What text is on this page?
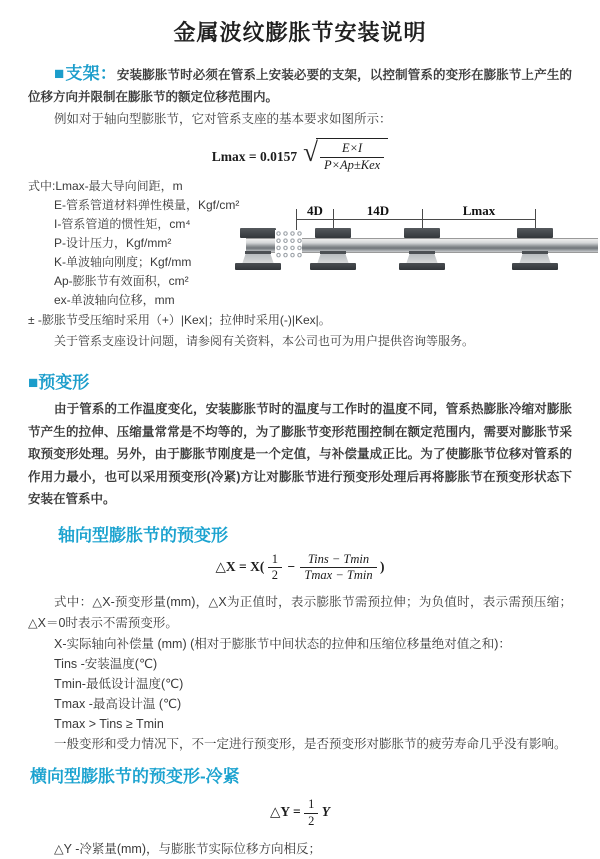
金属波纹膨胀节安装说明

■支架：安装膨胀节时必须在管系上安装必要的支架，以控制管系的变形在膨胀节上产生的位移方向并限制在膨胀节的额定位移范围内。

例如对于轴向型膨胀节，它对管系支座的基本要求如图所示：

Lmax = 0.0157 √ $\frac{E\times I}{\text{P×Ap±Kex}}$
式中:Lmax-最大导向间距，m
E-管系管道材料弹性模量，Kgf/cm²
I-管系管道的惯性矩，cm⁴
P-设计压力，Kgf/mm²
K-单波轴向刚度；Kgf/mm
Ap-膨胀节有效面积，cm²
ex-单波轴向位移，mm
4D	14D	Lmax

± -膨胀节受压缩时采用（+）|Kex|；拉伸时采用(-)|Kex|。

关于管系支座设计问题，请参阅有关资料，本公司也可为用户提供咨询等服务。

■预变形

由于管系的工作温度变化，安装膨胀节时的温度与工作时的温度不同，管系热膨胀冷缩对膨胀节产生的拉伸、压缩量常常是不均等的，为了膨胀节变形范围控制在额定范围内，需要对膨胀节采取预变形处理。另外，由于膨胀节刚度是一个定值，与补偿量成正比。为了使膨胀节位移对管系的作用力最小，也可以采用预变形(冷紧)方让对膨胀节进行预变形处理后再将膨胀节在预变形状态下安装在管系中。

轴向型膨胀节的预变形
△X = $X( \frac{1}{2} - \frac{\text{Tins − Tmin}}{Tmax - Tmin}$ )

式中：△X-预变形量(mm)，△X为正值时，表示膨胀节需预拉伸；为负值时，表示需预压缩；△X＝0时表示不需预变形。

X-实际轴向补偿量 (mm) (相对于膨胀节中间状态的拉伸和压缩位移量绝对值之和)：
Tins -安装温度(℃)
Tmin-最低设计温度(℃)
Tmax -最高设计温 (℃)
Tmax > Tins ≥ Tmin

一般变形和受力情况下，不一定进行预变形，是否预变形对膨胀节的疲劳寿命几乎没有影响。

横向型膨胀节的预变形-冷紧
△Y = $\frac{1}{2}$ Y

△Y -冷紧量(mm)，与膨胀节实际位移方向相反；
